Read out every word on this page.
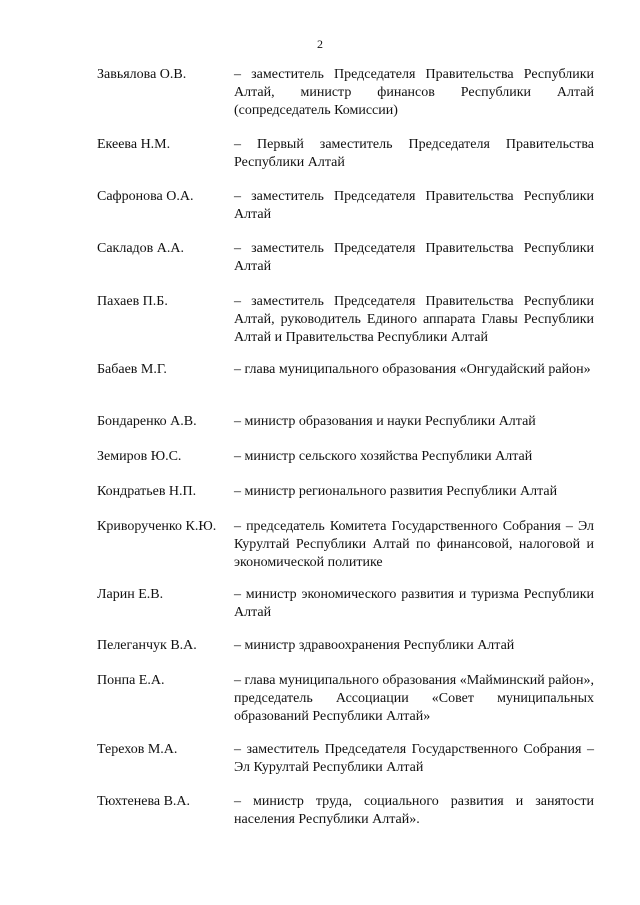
2
Завьялова О.В.	– заместитель Председателя Правительства Республики Алтай, министр финансов Республики Алтай (сопредседатель Комиссии)
Екеева Н.М.	– Первый заместитель Председателя Правительства Республики Алтай
Сафронова О.А.	– заместитель Председателя Правительства Республики Алтай
Сакладов А.А.	– заместитель Председателя Правительства Республики Алтай
Пахаев П.Б.	– заместитель Председателя Правительства Республики Алтай, руководитель Единого аппарата Главы Республики Алтай и Правительства Республики Алтай
Бабаев М.Г.	– глава муниципального образования «Онгудайский район»
Бондаренко А.В.	– министр образования и науки Республики Алтай
Земиров Ю.С.	– министр сельского хозяйства Республики Алтай
Кондратьев Н.П.	– министр регионального развития Республики Алтай
Криворученко К.Ю. – председатель Комитета Государственного Собрания – Эл Курултай Республики Алтай по финансовой, налоговой и экономической политике
Ларин Е.В.	– министр экономического развития и туризма Республики Алтай
Пелеганчук В.А.	– министр здравоохранения Республики Алтай
Понпа Е.А.	– глава муниципального образования «Майминский район», председатель Ассоциации «Совет муниципальных образований Республики Алтай»
Терехов М.А.	– заместитель Председателя Государственного Собрания – Эл Курултай Республики Алтай
Тюхтенева В.А.	– министр труда, социального развития и занятости населения Республики Алтай».
